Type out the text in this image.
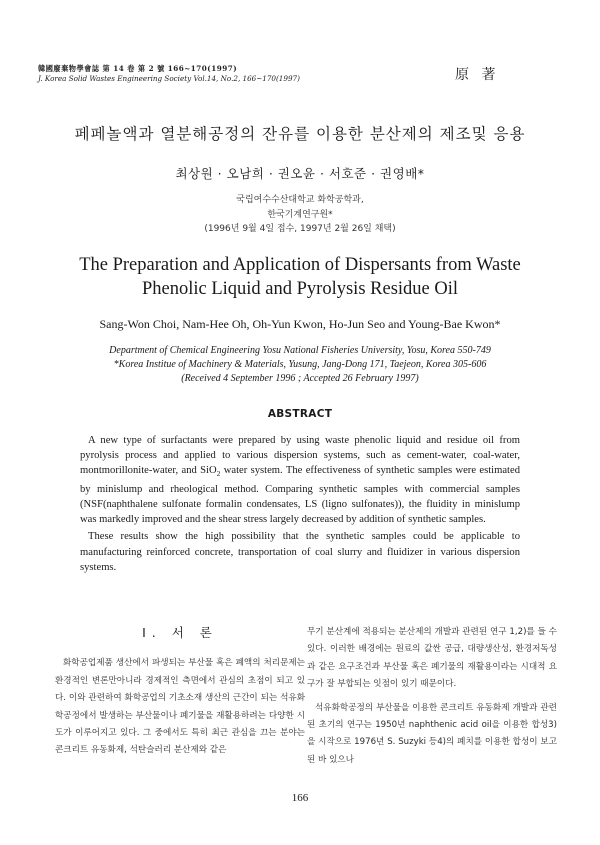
韓國廢棄物學會誌 第 14 卷 第 2 號 166~170(1997)
J. Korea Solid Wastes Engineering Society Vol.14, No.2, 166~170(1997)	原 著
페페놀액과 열분해공정의 잔유를 이용한 분산제의 제조및 응용
최상원 · 오남희 · 권오윤 · 서호준 · 권영배*
국립여수수산대학교 화학공학과,
한국기계연구원*
(1996년 9월 4일 접수, 1997년 2월 26일 채택)
The Preparation and Application of Dispersants from Waste
Phenolic Liquid and Pyrolysis Residue Oil
Sang-Won Choi, Nam-Hee Oh, Oh-Yun Kwon, Ho-Jun Seo and Young-Bae Kwon*
Department of Chemical Engineering Yosu National Fisheries University, Yosu, Korea 550-749
*Korea Institue of Machinery & Materials, Yusung, Jang-Dong 171, Taejeon, Korea 305-606
(Received 4 September 1996 ; Accepted 26 February 1997)
ABSTRACT

A new type of surfactants were prepared by using waste phenolic liquid and residue oil from pyrolysis process and applied to various dispersion systems, such as cement-water, coal-water, montmorillonite-water, and SiO$_2$ water system. The effectiveness of synthetic samples were estimated by minislump and rheological method. Comparing synthetic samples with commercial samples (NSF(naphthalene sulfonate formalin condensates, LS (ligno sulfonates)), the fluidity in minislump was markedly improved and the shear stress largely decreased by addition of synthetic samples.

These results show the high possibility that the synthetic samples could be applicable to manufacturing reinforced concrete, transportation of coal slurry and fluidizer in various dispersion systems.

I. 서 론

화학공업제품 생산에서 파생되는 부산물 혹은 폐액의 처리문제는 환경적인 변론만아니라 경제적인 측면에서 관심의 초점이 되고 있다. 이와 관련하여 화학공업의 기초소재 생산의 근간이 되는 석유화학공정에서 발생하는 부산물이나 폐기물을 재활용하려는 다양한 시도가 이루어지고 있다. 그 중에서도 특히 최근 관심을 끄는 분야는 콘크리트 유동화제, 석탄슬러리 분산제와 같은

무기 분산계에 적용되는 분산제의 개발과 관련된 연구 1,2)를 들 수 있다. 이러한 배경에는 원료의 값싼 공급, 대량생산성, 환경저독성과 같은 요구조건과 부산물 혹은 폐기물의 재활용이라는 시대적 요구가 잘 부합되는 잇점이 있기 때문이다.

석유화학공정의 부산물을 이용한 콘크리트 유동화제 개발과 관련된 초기의 연구는 1950년 naphthenic acid oil을 이용한 합성3)을 시작으로 1976년 S. Suzyki 등4)의 폐치를 이용한 합성이 보고된 바 있으나

166
